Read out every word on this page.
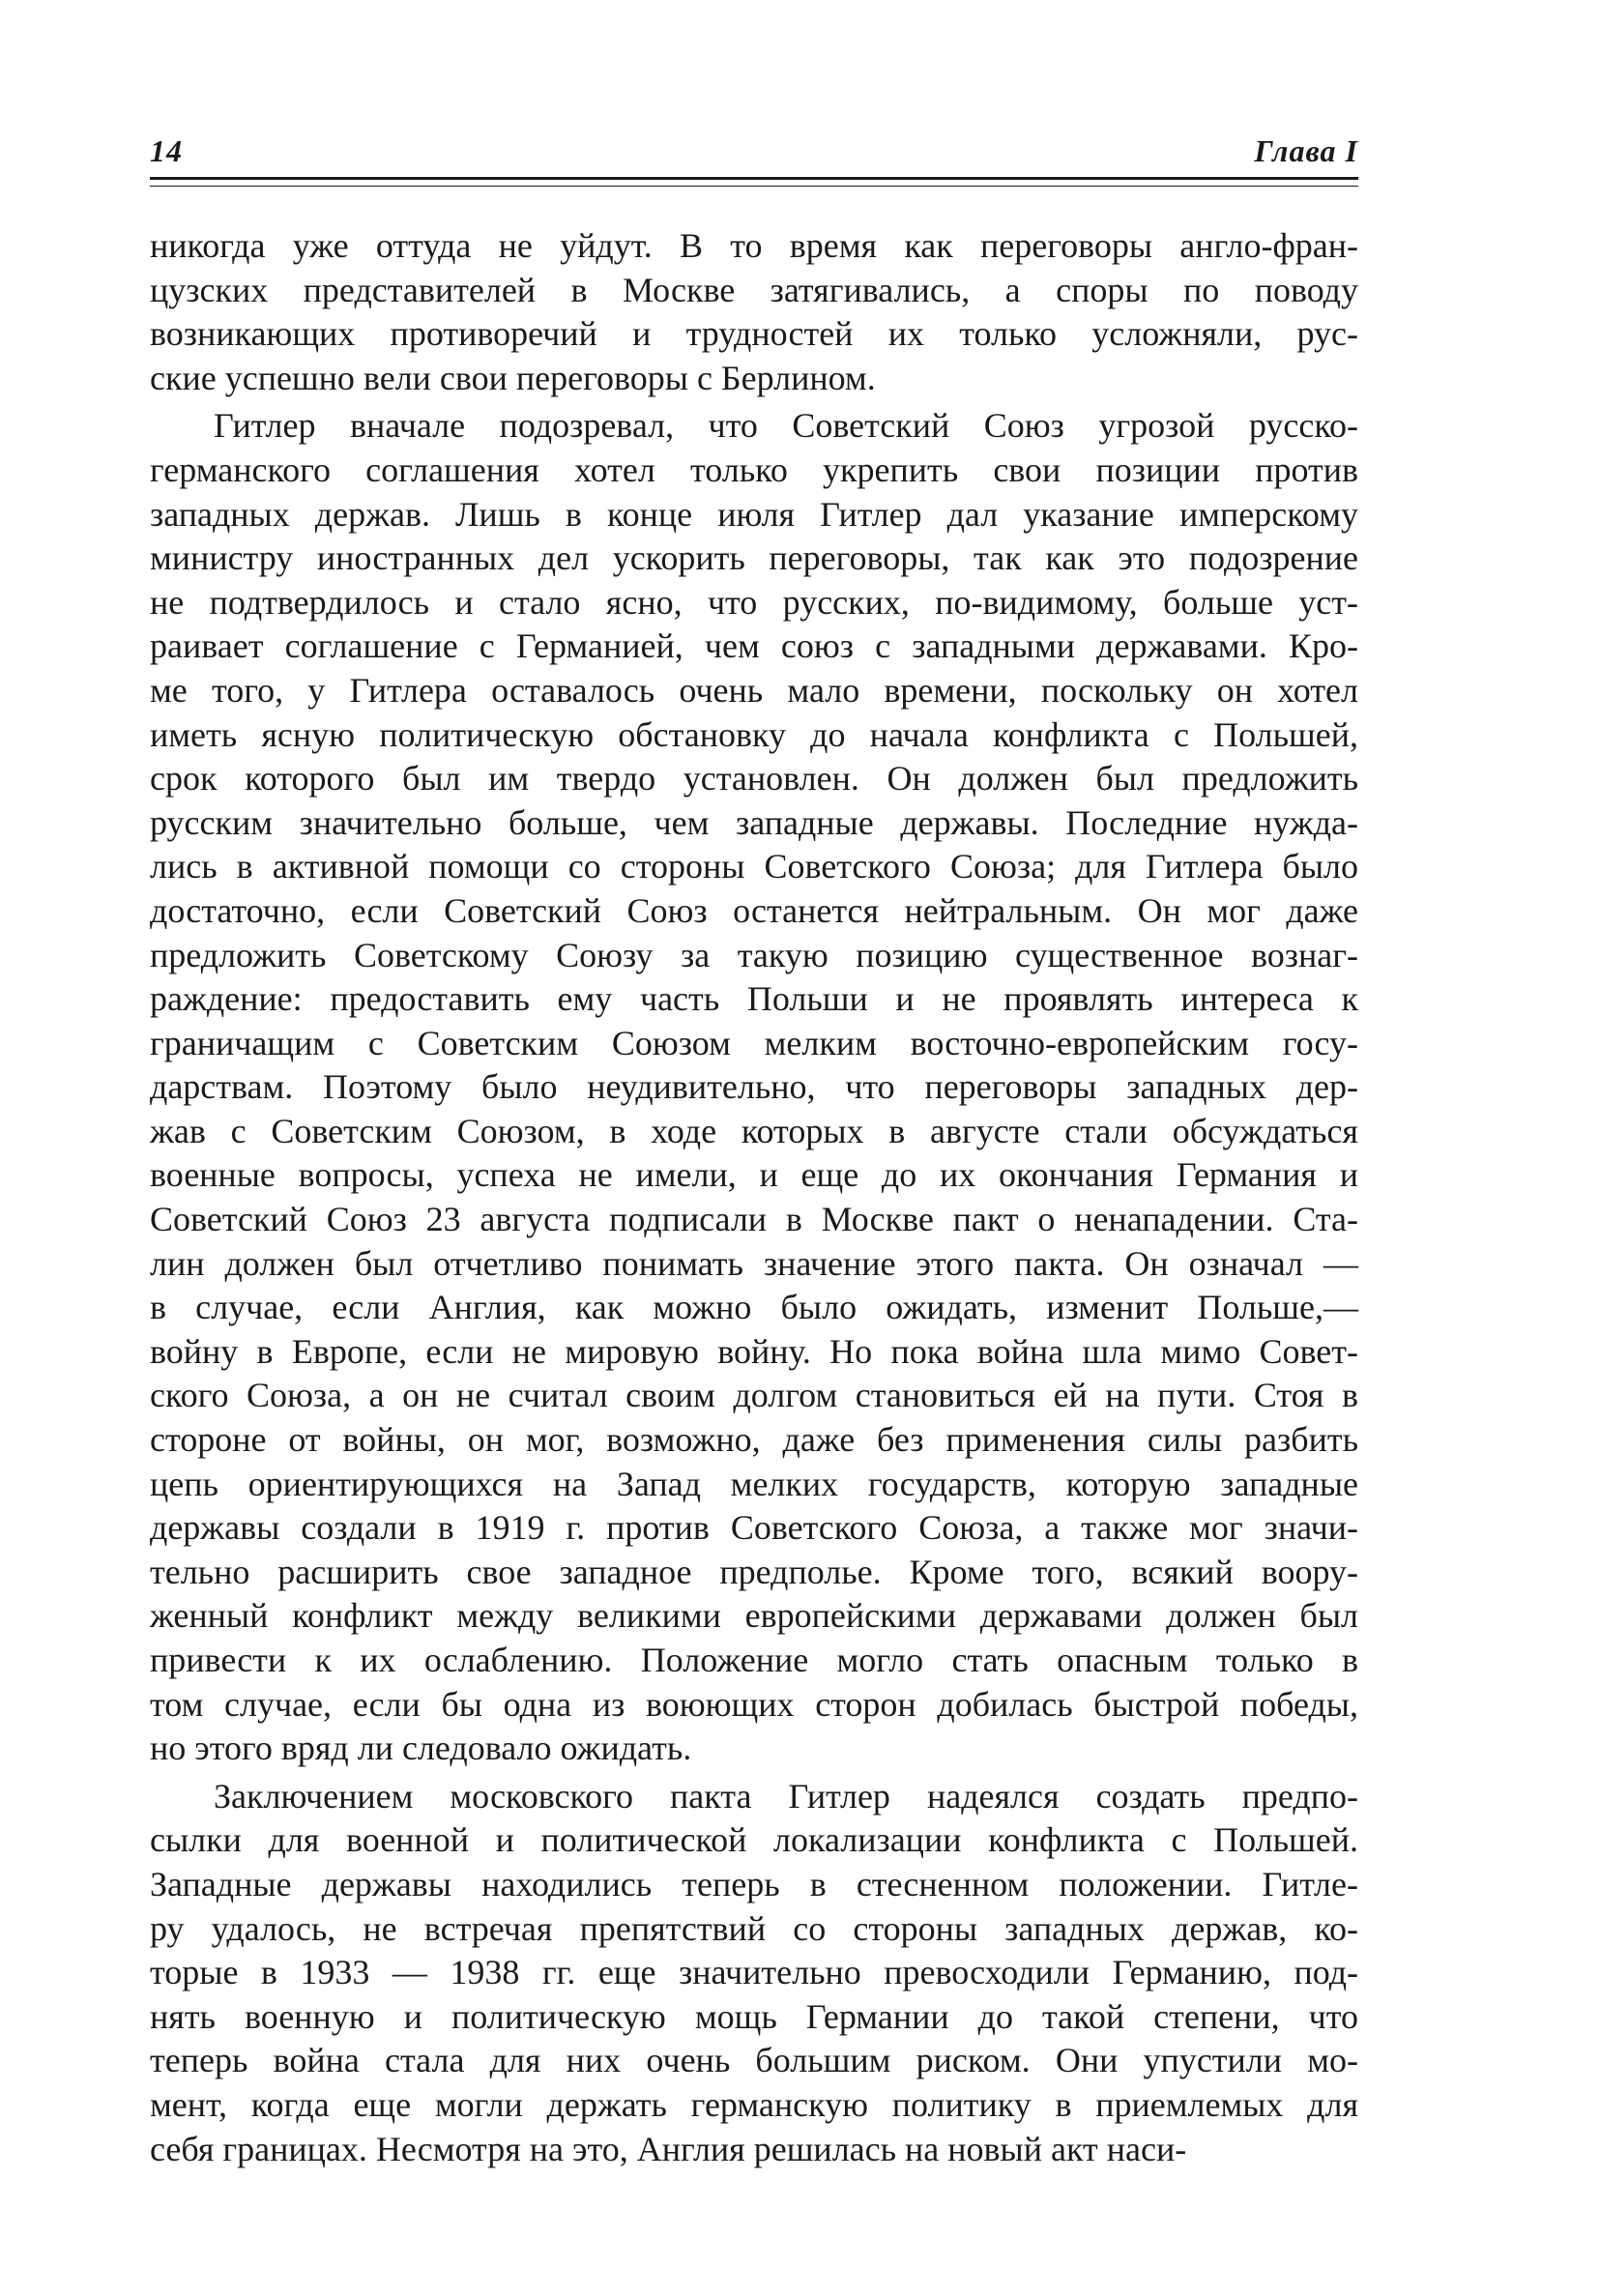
14	Глава I
никогда уже оттуда не уйдут. В то время как переговоры англо-фран-
цузских представителей в Москве затягивались, а споры по поводу
возникающих противоречий и трудностей их только усложняли, рус-
ские успешно вели свои переговоры с Берлином.
Гитлер вначале подозревал, что Советский Союз угрозой русско-
германского соглашения хотел только укрепить свои позиции против
западных держав. Лишь в конце июля Гитлер дал указание имперскому
министру иностранных дел ускорить переговоры, так как это подозрение
не подтвердилось и стало ясно, что русских, по-видимому, больше уст-
раивает соглашение с Германией, чем союз с западными державами. Кро-
ме того, у Гитлера оставалось очень мало времени, поскольку он хотел
иметь ясную политическую обстановку до начала конфликта с Польшей,
срок которого был им твердо установлен. Он должен был предложить
русским значительно больше, чем западные державы. Последние нужда-
лись в активной помощи со стороны Советского Союза; для Гитлера было
достаточно, если Советский Союз останется нейтральным. Он мог даже
предложить Советскому Союзу за такую позицию существенное вознаг-
раждение: предоставить ему часть Польши и не проявлять интереса к
граничащим с Советским Союзом мелким восточно-европейским госу-
дарствам. Поэтому было неудивительно, что переговоры западных дер-
жав с Советским Союзом, в ходе которых в августе стали обсуждаться
военные вопросы, успеха не имели, и еще до их окончания Германия и
Советский Союз 23 августа подписали в Москве пакт о ненападении. Ста-
лин должен был отчетливо понимать значение этого пакта. Он означал —
в случае, если Англия, как можно было ожидать, изменит Польше,—
войну в Европе, если не мировую войну. Но пока война шла мимо Совет-
ского Союза, а он не считал своим долгом становиться ей на пути. Стоя в
стороне от войны, он мог, возможно, даже без применения силы разбить
цепь ориентирующихся на Запад мелких государств, которую западные
державы создали в 1919 г. против Советского Союза, а также мог значи-
тельно расширить свое западное предполье. Кроме того, всякий воору-
женный конфликт между великими европейскими державами должен был
привести к их ослаблению. Положение могло стать опасным только в
том случае, если бы одна из воюющих сторон добилась быстрой победы,
но этого вряд ли следовало ожидать.
Заключением московского пакта Гитлер надеялся создать предпо-
сылки для военной и политической локализации конфликта с Польшей.
Западные державы находились теперь в стесненном положении. Гитле-
ру удалось, не встречая препятствий со стороны западных держав, ко-
торые в 1933 — 1938 гг. еще значительно превосходили Германию, под-
нять военную и политическую мощь Германии до такой степени, что
теперь война стала для них очень большим риском. Они упустили мо-
мент, когда еще могли держать германскую политику в приемлемых для
себя границах. Несмотря на это, Англия решилась на новый акт наси-
